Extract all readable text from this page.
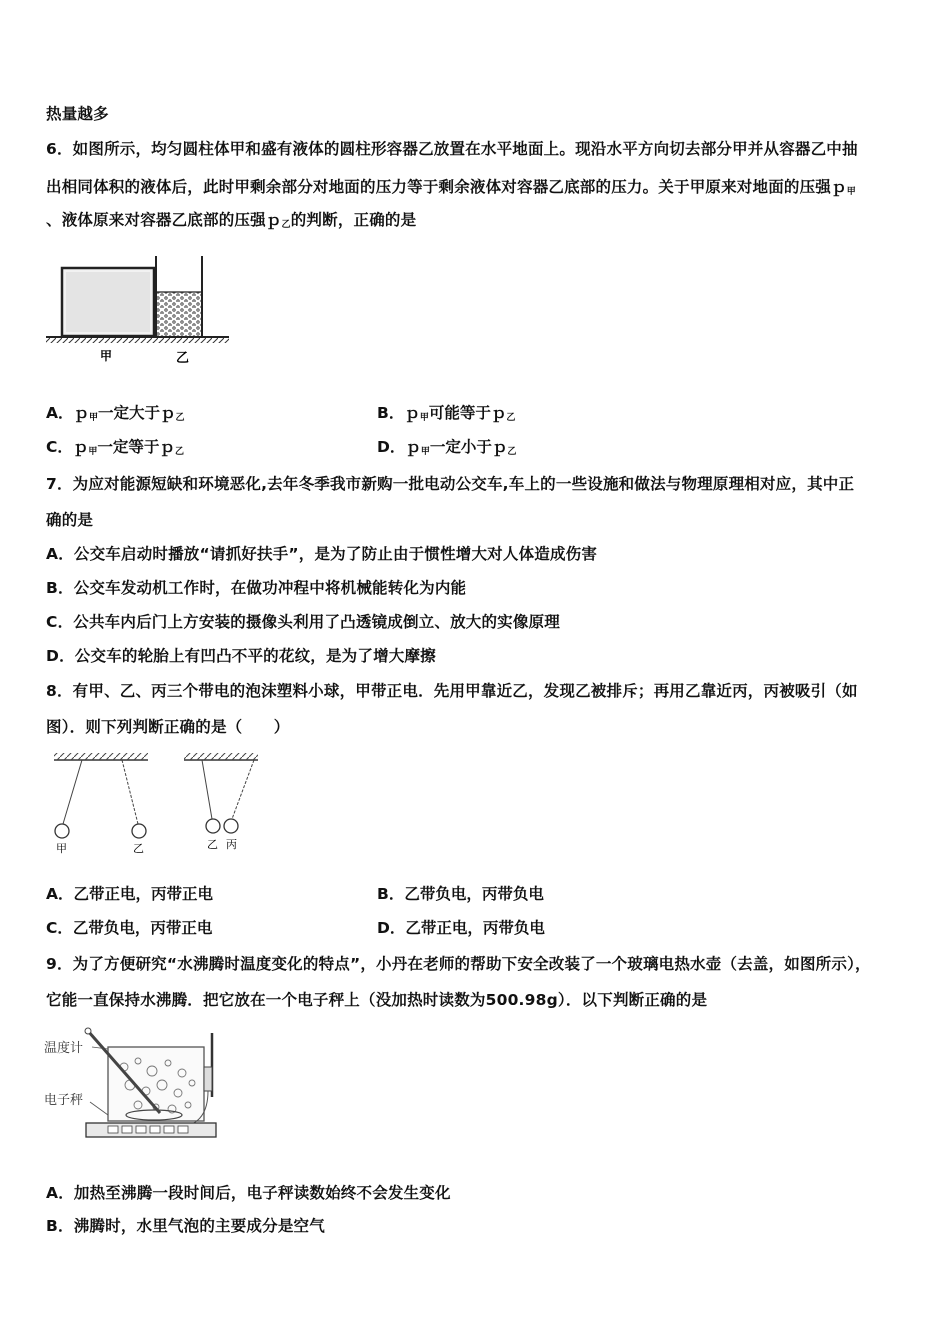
热量越多
6．如图所示，均匀圆柱体甲和盛有液体的圆柱形容器乙放置在水平地面上。现沿水平方向切去部分甲并从容器乙中抽
出相同体积的液体后，此时甲剩余部分对地面的压力等于剩余液体对容器乙底部的压力。关于甲原来对地面的压强ｐ$_甲$
、液体原来对容器乙底部的压强ｐ$_乙$的判断，正确的是
甲	乙
A．ｐ$_甲$一定大于ｐ$_乙$	B．ｐ$_甲$可能等于ｐ$_乙$
C．ｐ$_甲$一定等于ｐ$_乙$	D．ｐ$_甲$一定小于ｐ$_乙$
7．为应对能源短缺和环境恶化,去年冬季我市新购一批电动公交车,车上的一些设施和做法与物理原理相对应，其中正
确的是
A．公交车启动时播放“请抓好扶手”，是为了防止由于惯性增大对人体造成伤害
B．公交车发动机工作时，在做功冲程中将机械能转化为内能
C．公共车内后门上方安装的摄像头利用了凸透镜成倒立、放大的实像原理
D．公交车的轮胎上有凹凸不平的花纹，是为了增大摩擦
8．有甲、乙、丙三个带电的泡沫塑料小球，甲带正电．先用甲靠近乙，发现乙被排斥；再用乙靠近丙，丙被吸引（如
图）．则下列判断正确的是（　　）
甲	乙	乙 丙
A．乙带正电，丙带正电	B．乙带负电，丙带负电
C．乙带负电，丙带正电	D．乙带正电，丙带负电
9．为了方便研究“水沸腾时温度变化的特点”，小丹在老师的帮助下安全改装了一个玻璃电热水壶（去盖，如图所示），
它能一直保持水沸腾．把它放在一个电子秤上（没加热时读数为500.98g）．以下判断正确的是
温度计
电子秤
A．加热至沸腾一段时间后，电子秤读数始终不会发生变化
B．沸腾时，水里气泡的主要成分是空气
